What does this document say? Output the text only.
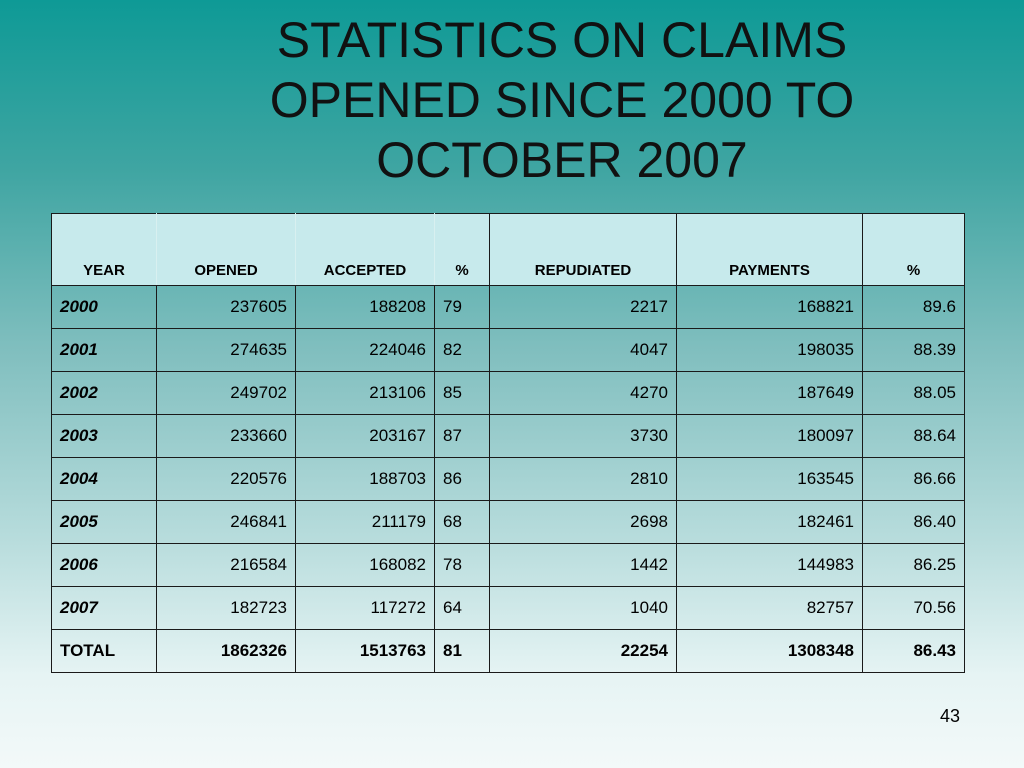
STATISTICS ON CLAIMS
OPENED SINCE 2000 TO
OCTOBER 2007
YEAR	OPENED	ACCEPTED	%	REPUDIATED	PAYMENTS	%
2000	237605	188208	79	2217	168821	89.6
2001	274635	224046	82	4047	198035	88.39
2002	249702	213106	85	4270	187649	88.05
2003	233660	203167	87	3730	180097	88.64
2004	220576	188703	86	2810	163545	86.66
2005	246841	211179	68	2698	182461	86.40
2006	216584	168082	78	1442	144983	86.25
2007	182723	117272	64	1040	82757	70.56
TOTAL	1862326	1513763	81	22254	1308348	86.43
43
